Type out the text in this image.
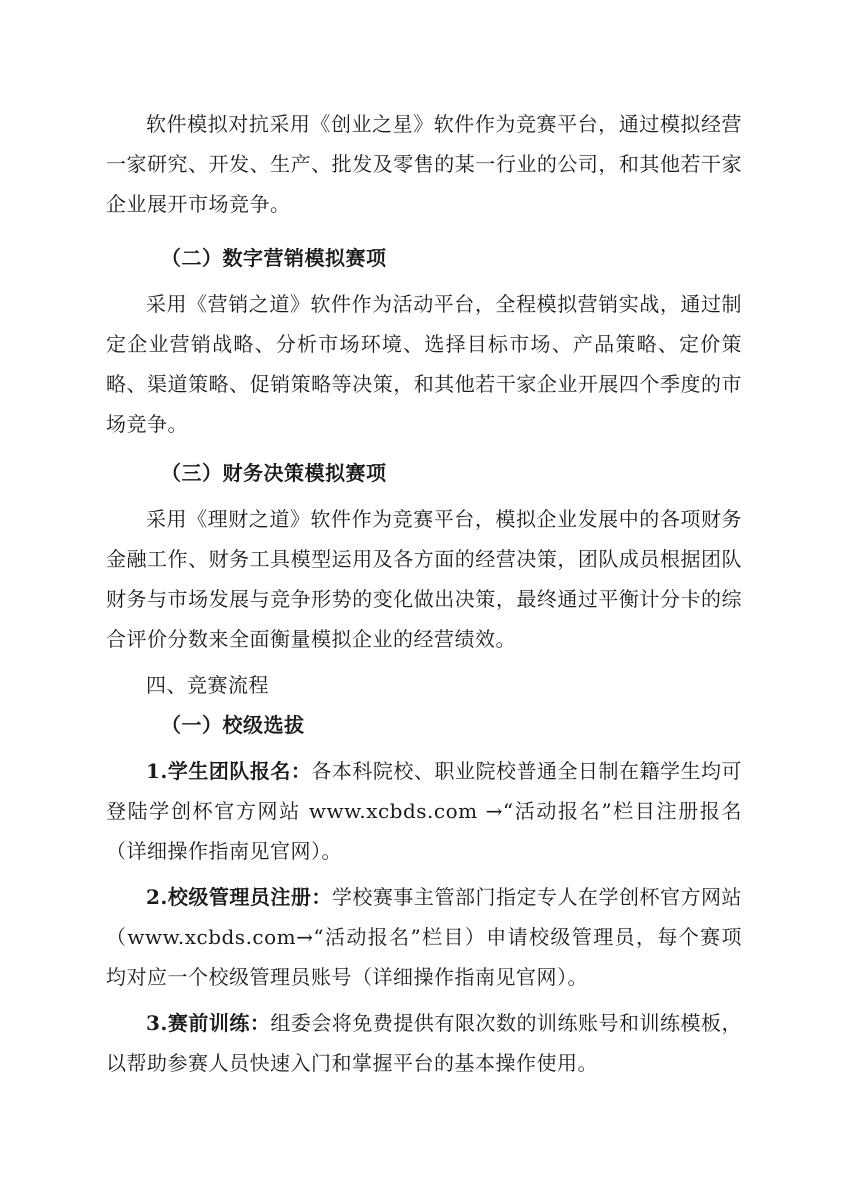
软件模拟对抗采用《创业之星》软件作为竞赛平台，通过模拟经营一家研究、开发、生产、批发及零售的某一行业的公司，和其他若干家企业展开市场竞争。

（二）数字营销模拟赛项

采用《营销之道》软件作为活动平台，全程模拟营销实战，通过制定企业营销战略、分析市场环境、选择目标市场、产品策略、定价策略、渠道策略、促销策略等决策，和其他若干家企业开展四个季度的市场竞争。

（三）财务决策模拟赛项

采用《理财之道》软件作为竞赛平台，模拟企业发展中的各项财务金融工作、财务工具模型运用及各方面的经营决策，团队成员根据团队财务与市场发展与竞争形势的变化做出决策，最终通过平衡计分卡的综合评价分数来全面衡量模拟企业的经营绩效。

四、竞赛流程
（一）校级选拔

1.学生团队报名：各本科院校、职业院校普通全日制在籍学生均可登陆学创杯官方网站 www.xcbds.com →“活动报名”栏目注册报名（详细操作指南见官网）。

2.校级管理员注册：学校赛事主管部门指定专人在学创杯官方网站（www.xcbds.com→“活动报名”栏目）申请校级管理员，每个赛项均对应一个校级管理员账号（详细操作指南见官网）。

3.赛前训练：组委会将免费提供有限次数的训练账号和训练模板，以帮助参赛人员快速入门和掌握平台的基本操作使用。
